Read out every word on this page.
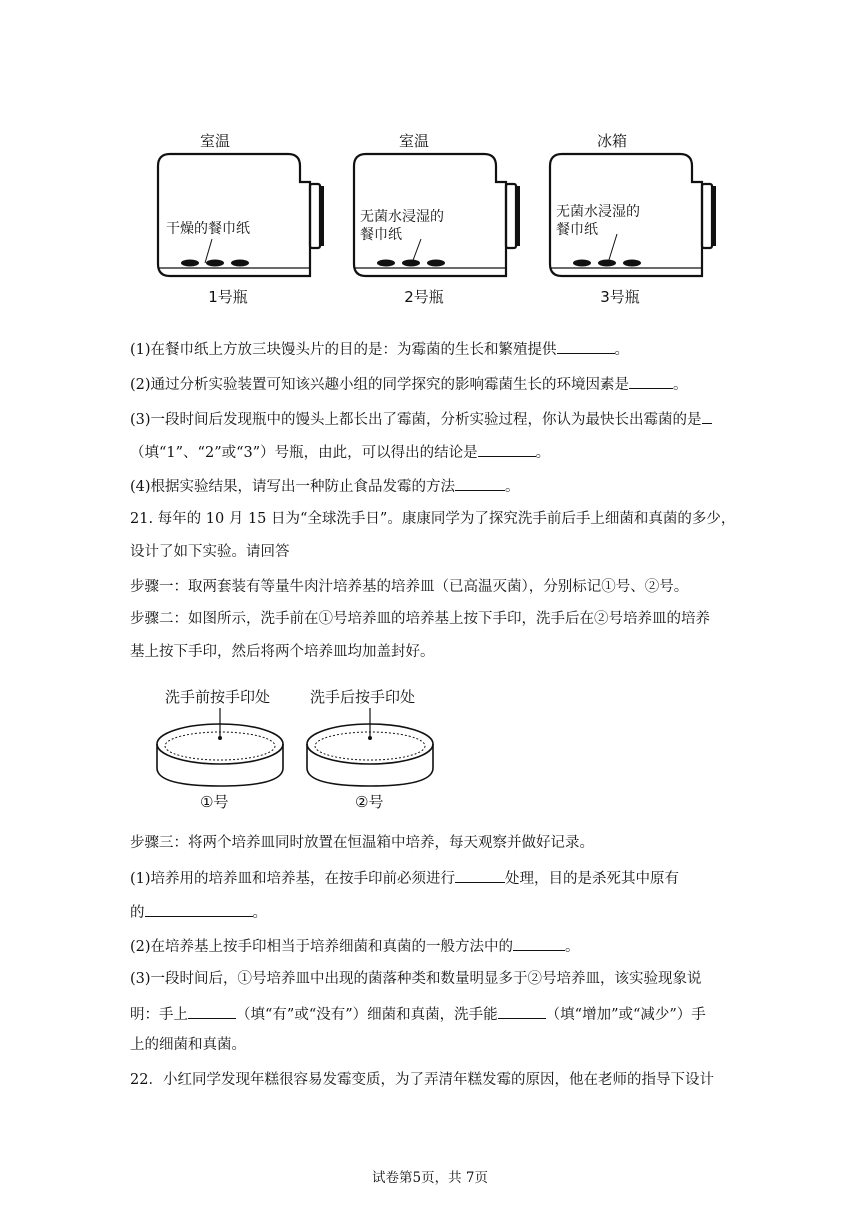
室温
干燥的餐巾纸
1号瓶
室温
无菌水浸湿的
餐巾纸
2号瓶
冰箱
无菌水浸湿的
餐巾纸
3号瓶
(1)在餐巾纸上方放三块馒头片的目的是：为霉菌的生长和繁殖提供	。
(2)通过分析实验装置可知该兴趣小组的同学探究的影响霉菌生长的环境因素是	。
(3)一段时间后发现瓶中的馒头上都长出了霉菌，分析实验过程，你认为最快长出霉菌的是
（填“1”、“2”或“3”）号瓶，由此，可以得出的结论是	。
(4)根据实验结果，请写出一种防止食品发霉的方法	。
21. 每年的 10 月 15 日为“全球洗手日”。康康同学为了探究洗手前后手上细菌和真菌的多少，
设计了如下实验。请回答
步骤一：取两套装有等量牛肉汁培养基的培养皿（已高温灭菌），分别标记①号、②号。
步骤二：如图所示，洗手前在①号培养皿的培养基上按下手印，洗手后在②号培养皿的培养
基上按下手印，然后将两个培养皿均加盖封好。
洗手前按手印处
①号
洗手后按手印处
②号
步骤三：将两个培养皿同时放置在恒温箱中培养，每天观察并做好记录。
(1)培养用的培养皿和培养基，在按手印前必须进行	处理，目的是杀死其中原有
的	。
(2)在培养基上按手印相当于培养细菌和真菌的一般方法中的	。
(3)一段时间后，①号培养皿中出现的菌落种类和数量明显多于②号培养皿，该实验现象说
明：手上	（填“有”或“没有”）细菌和真菌，洗手能	（填“增加”或“减少”）手
上的细菌和真菌。
22．小红同学发现年糕很容易发霉变质，为了弄清年糕发霉的原因，他在老师的指导下设计
试卷第5页，共 7页
